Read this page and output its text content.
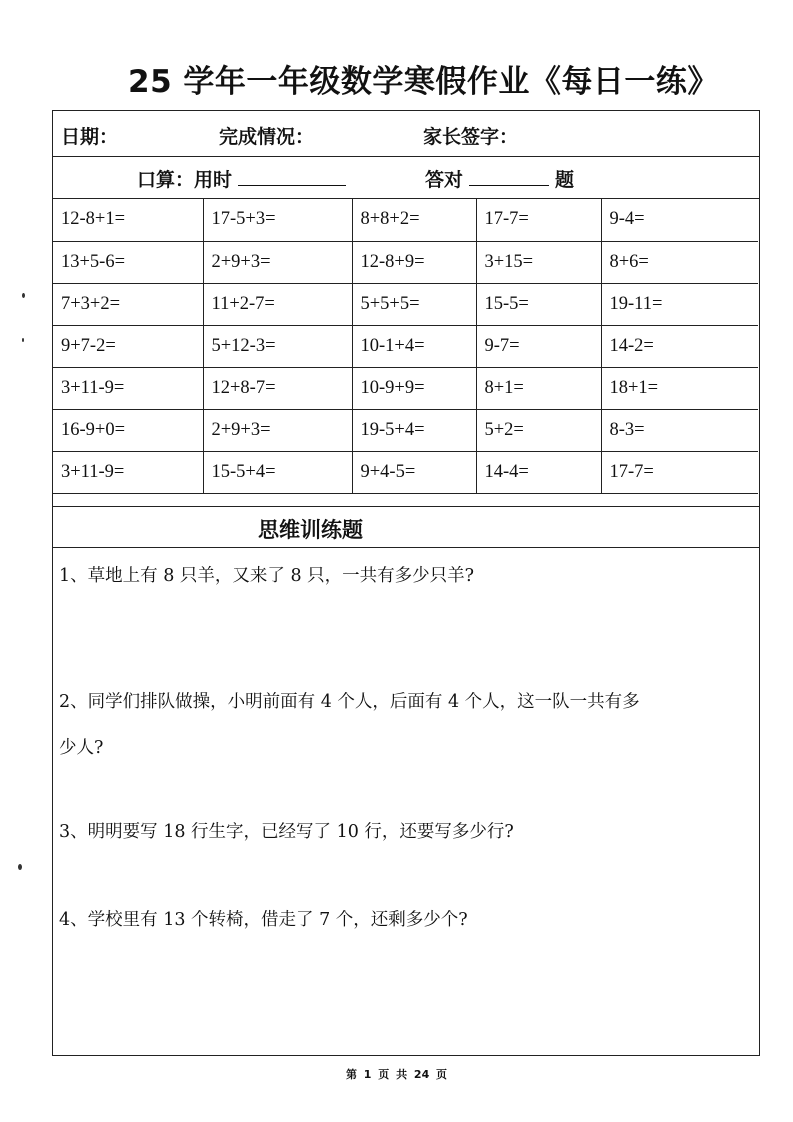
25 学年一年级数学寒假作业《每日一练》
日期：	完成情况：	家长签字：
口算：用时	答对	题
12-8+1=	17-5+3=	8+8+2=	17-7=	9-4=
13+5-6=	2+9+3=	12-8+9=	3+15=	8+6=
7+3+2=	11+2-7=	5+5+5=	15-5=	19-11=
9+7-2=	5+12-3=	10-1+4=	9-7=	14-2=
3+11-9=	12+8-7=	10-9+9=	8+1=	18+1=
16-9+0=	2+9+3=	19-5+4=	5+2=	8-3=
3+11-9=	15-5+4=	9+4-5=	14-4=	17-7=
思维训练题
1、草地上有 8 只羊，又来了 8 只，一共有多少只羊?
2、同学们排队做操，小明前面有 4 个人，后面有 4 个人，这一队一共有多
少人?
3、明明要写 18 行生字，已经写了 10 行，还要写多少行?
4、学校里有 13 个转椅，借走了 7 个，还剩多少个?
第 1 页 共 24 页
